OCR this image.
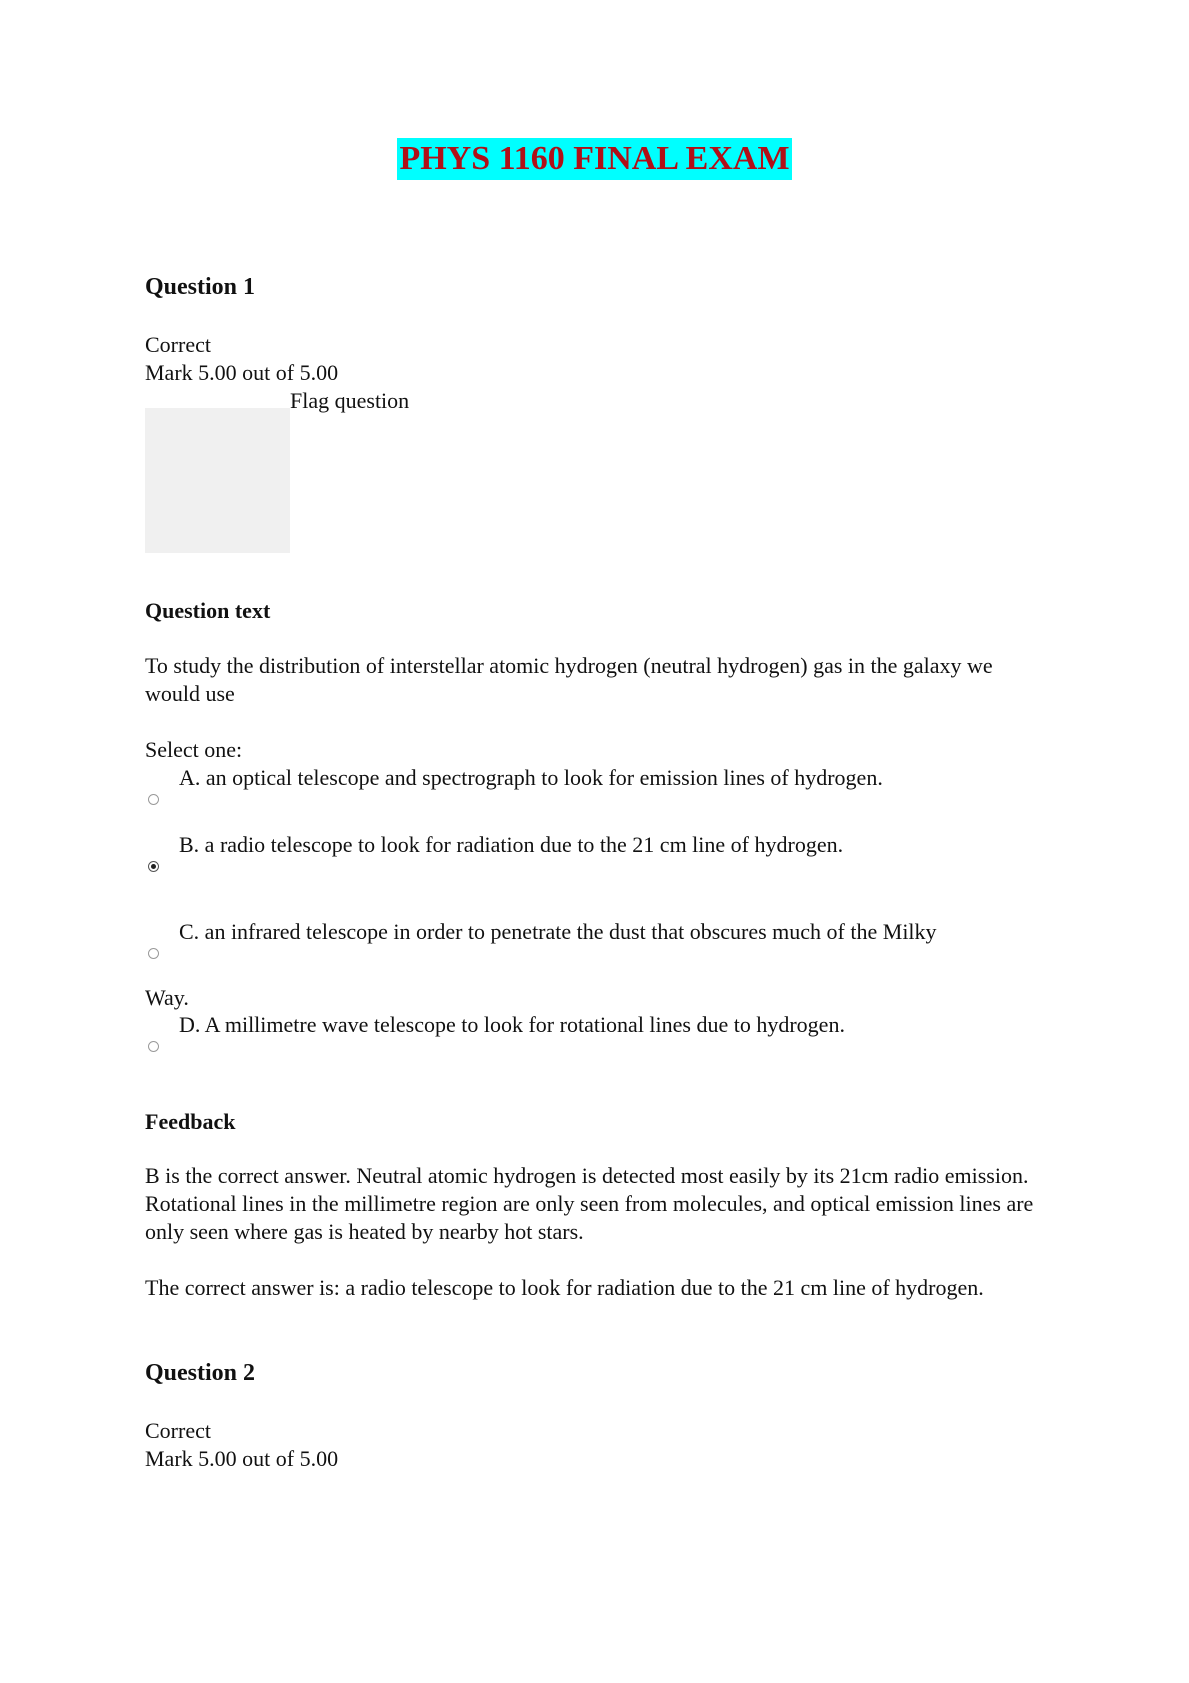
PHYS 1160 FINAL EXAM
Question 1
Correct
Mark 5.00 out of 5.00
Flag question
Question text
To study the distribution of interstellar atomic hydrogen (neutral hydrogen) gas in the galaxy we would use
Select one:
A. an optical telescope and spectrograph to look for emission lines of hydrogen.
B. a radio telescope to look for radiation due to the 21 cm line of hydrogen.
C. an infrared telescope in order to penetrate the dust that obscures much of the Milky
Way.
D. A millimetre wave telescope to look for rotational lines due to hydrogen.
Feedback
B is the correct answer. Neutral atomic hydrogen is detected most easily by its 21cm radio emission. Rotational lines in the millimetre region are only seen from molecules, and optical emission lines are only seen where gas is heated by nearby hot stars.
The correct answer is: a radio telescope to look for radiation due to the 21 cm line of hydrogen.
Question 2
Correct
Mark 5.00 out of 5.00
